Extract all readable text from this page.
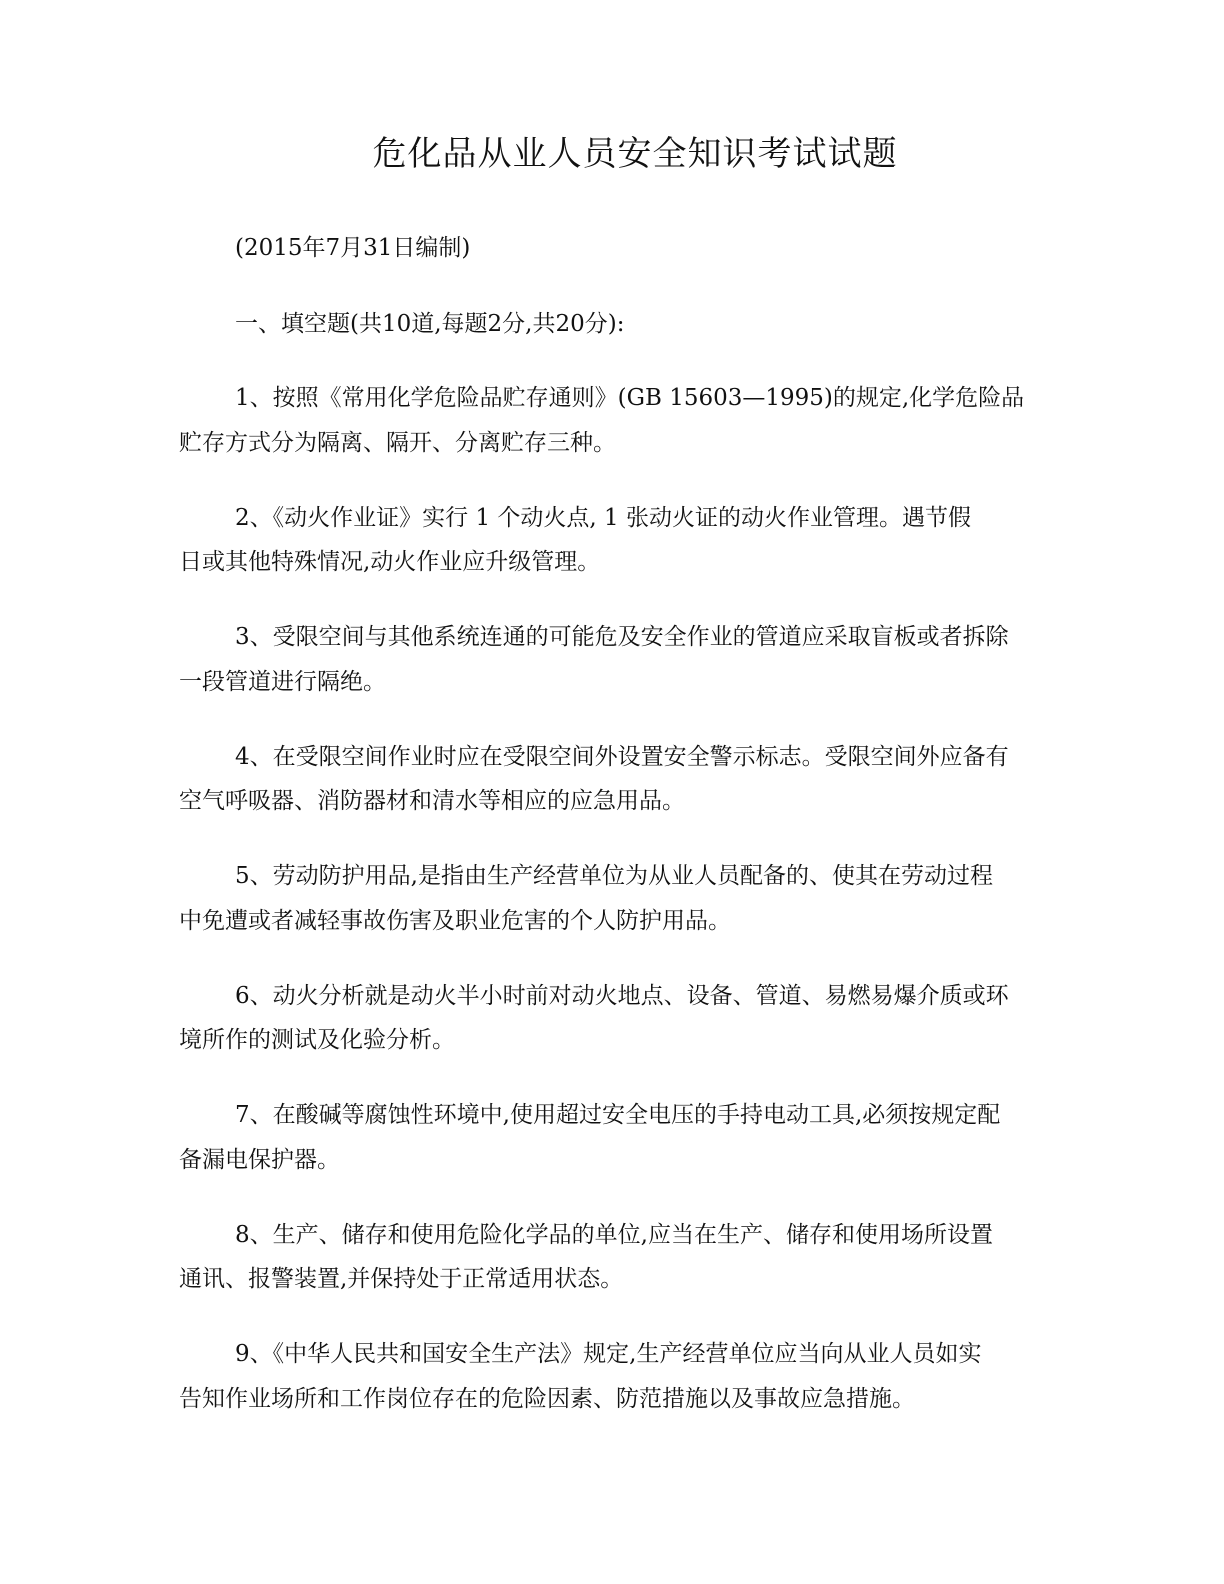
危化品从业人员安全知识考试试题
(2015年7月31日编制)
一、填空题(共10道,每题2分,共20分):
1、按照《常用化学危险品贮存通则》(GB 15603—1995)的规定,化学危险品
贮存方式分为隔离、隔开、分离贮存三种。
2、《动火作业证》实行 1 个动火点, 1 张动火证的动火作业管理。遇节假
日或其他特殊情况,动火作业应升级管理。
3、受限空间与其他系统连通的可能危及安全作业的管道应采取盲板或者拆除
一段管道进行隔绝。
4、在受限空间作业时应在受限空间外设置安全警示标志。受限空间外应备有
空气呼吸器、消防器材和清水等相应的应急用品。
5、劳动防护用品,是指由生产经营单位为从业人员配备的、使其在劳动过程
中免遭或者减轻事故伤害及职业危害的个人防护用品。
6、动火分析就是动火半小时前对动火地点、设备、管道、易燃易爆介质或环
境所作的测试及化验分析。
7、在酸碱等腐蚀性环境中,使用超过安全电压的手持电动工具,必须按规定配
备漏电保护器。
8、生产、储存和使用危险化学品的单位,应当在生产、储存和使用场所设置
通讯、报警装置,并保持处于正常适用状态。
9、《中华人民共和国安全生产法》规定,生产经营单位应当向从业人员如实
告知作业场所和工作岗位存在的危险因素、防范措施以及事故应急措施。
